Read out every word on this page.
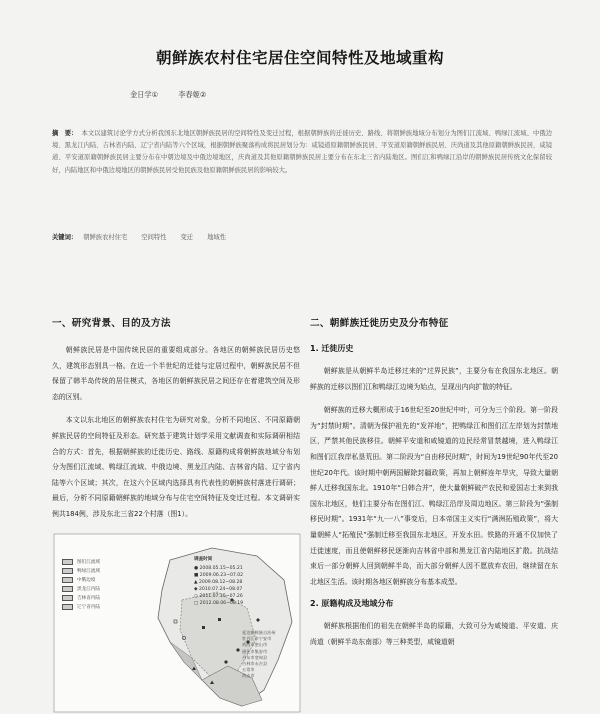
朝鲜族农村住宅居住空间特性及地域重构
金日学①	李春姬②
摘　要： 本文以建筑讨论学方式分析我国东北地区朝鲜族民居的空间特性及变迁过程，根据朝鲜族的迁徙历史、路线、将朝鲜族地域分布划分为图们江流域、鸭绿江流域、中俄边境、黑龙江内陆、吉林省内陆、辽宁省内陆等六个区域，根据朝鲜族聚落构成将民居划分为：咸镜道原籍朝鲜族民居、平安道原籍朝鲜族民居、庆尚道及其他原籍朝鲜族民居，咸镜道、平安道原籍朝鲜族民居主要分布在中朝边境及中俄边境地区，庆尚道及其他原籍朝鲜族民居主要分布在东北三省内陆地区。图们江和鸭绿江沿岸的朝鲜族民居传统文化保留较好，内陆地区和中俄边境地区的朝鲜族民居受他民族及他原籍朝鲜族民居的影响较大。
关键词： 朝鲜族农村住宅 空间特性 变迁 地域性
一、研究背景、目的及方法

朝鲜族民居是中国传统民居的重要组成部分。各地区的朝鲜族民居历史悠久，建筑形态别具一格。在近一个半世纪的迁徙与定居过程中，朝鲜族民居不但保留了韩半岛传统的居住模式，各地区的朝鲜族民居之间还存在着建筑空间及形态的区别。

本文以东北地区的朝鲜族农村住宅为研究对象，分析不同地区、不同原籍朝鲜族民居的空间特征及形态。研究基于建筑计划学采用文献调查和实际调研相结合的方式：首先，根据朝鲜族的迁徙历史、路线、原籍构成将朝鲜族地域分布划分为图们江流域、鸭绿江流域、中俄边境、黑龙江内陆、吉林省内陆、辽宁省内陆等六个区域；其次，在这六个区域内选择具有代表性的朝鲜族村落进行调研；最后，分析不同原籍朝鲜族的地域分布与住宅空间特征及变迁过程。本文调研实例共184例，涉及东北三省22个村落（图1）。

图们江流域
鸭绿江流域
中俄边境
黑龙江内陆
吉林省内陆
辽宁省内陆
调查时间
● 2008.05.15~05.21
■ 2009.06.23~07.02
▲ 2009.08.12~08.28
◆ 2010.07.24~08.07
○ 2011.07.15~07.26
□ 2012.08.06~08.19
延边朝鲜族自治州
牡丹江市宁安市
鸡西市密山市
通化市集安市
丹东市宽甸县
吉林市永吉县
五常市
尚志市
二、朝鲜族迁徙历史及分布特征
1. 迁徙历史

朝鲜族是从朝鲜半岛迁移过来的“过界民族”，主要分布在我国东北地区。朝鲜族的迁移以图们江和鸭绿江边境为始点，呈现出内向扩散的特征。

朝鲜族的迁移大概形成于16世纪至20世纪中叶，可分为三个阶段。第一阶段为“封禁时期”。清朝为保护祖先的“发祥地”，把鸭绿江和图们江左岸划为封禁地区，严禁其他民族移住。朝鲜平安道和咸镜道的边民经常冒禁越境，进入鸭绿江和图们江我岸私垦荒田。第二阶段为“自由移民时期”，时间为19世纪90年代至20世纪20年代。该时期中朝两国解除封疆政策，再加上朝鲜连年旱灾，导致大量朝鲜人迁移我国东北。1910年“日韩合并”，使大量朝鲜破产农民和爱国志士来到我国东北地区，他们主要分布在图们江、鸭绿江沿岸及周边地区。第三阶段为“强制移民时期”。1931年“九·一八”事变后，日本帝国主义实行“满洲拓殖政策”，将大量朝鲜人“拓殖民”强制迁移至我国东北地区，开发水田。铁路的开通不仅加快了迁徙速度，而且使朝鲜移民逐渐向吉林省中部和黑龙江省内陆地区扩散。抗战结束后一部分朝鲜人回到朝鲜半岛，而大部分朝鲜人因不愿放弃农田，继续留在东北地区生活。该时期各地区朝鲜族分布基本成型。

2. 原籍构成及地域分布

朝鲜族根据他们的祖先在朝鲜半岛的原籍，大致可分为咸镜道、平安道、庆尚道（朝鲜半岛东南部）等三种类型，咸镜道朝
